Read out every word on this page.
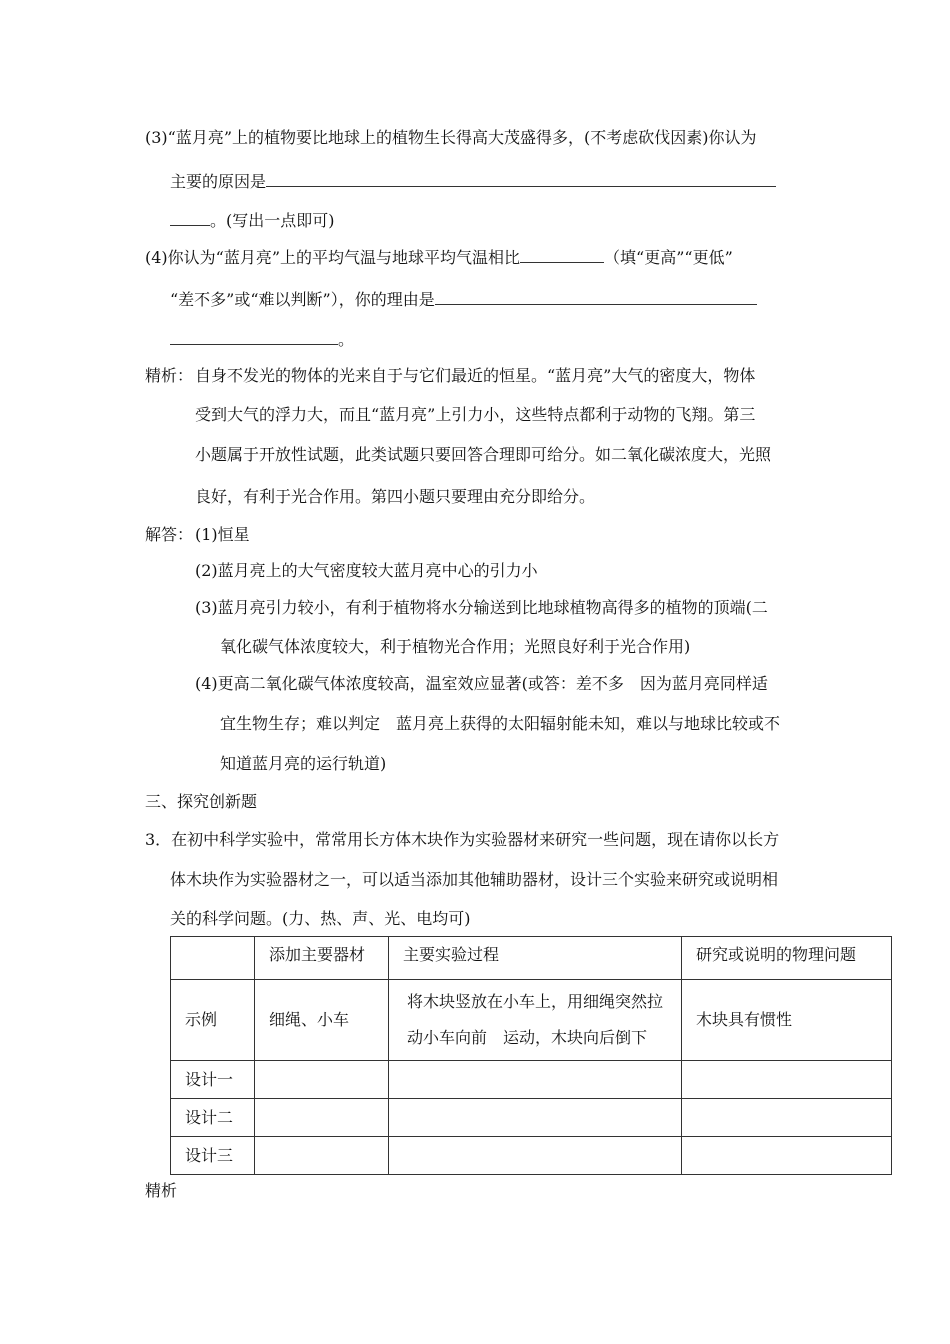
(3)“蓝月亮”上的植物要比地球上的植物生长得高大茂盛得多，(不考虑砍伐因素)你认为
主要的原因是
。(写出一点即可)
(4)你认为“蓝月亮”上的平均气温与地球平均气温相比	（填“更高”“更低”
“差不多”或“难以判断”），你的理由是
。
精析： 自身不发光的物体的光来自于与它们最近的恒星。“蓝月亮”大气的密度大，物体
受到大气的浮力大，而且“蓝月亮”上引力小，这些特点都利于动物的飞翔。第三
小题属于开放性试题，此类试题只要回答合理即可给分。如二氧化碳浓度大，光照
良好，有利于光合作用。第四小题只要理由充分即给分。
解答： (1)恒星
(2)蓝月亮上的大气密度较大蓝月亮中心的引力小
(3)蓝月亮引力较小，有利于植物将水分输送到比地球植物高得多的植物的顶端(二
氧化碳气体浓度较大，利于植物光合作用；光照良好利于光合作用)
(4)更高二氧化碳气体浓度较高，温室效应显著(或答：差不多　因为蓝月亮同样适
宜生物生存；难以判定　蓝月亮上获得的太阳辐射能未知，难以与地球比较或不
知道蓝月亮的运行轨道)
三、探究创新题
3．在初中科学实验中，常常用长方体木块作为实验器材来研究一些问题，现在请你以长方
体木块作为实验器材之一，可以适当添加其他辅助器材，设计三个实验来研究或说明相
关的科学问题。(力、热、声、光、电均可)
	添加主要器材	主要实验过程	研究或说明的物理问题
示例	细绳、小车	将木块竖放在小车上，用细绳突然拉
动小车向前　运动，木块向后倒下	木块具有惯性
设计一			
设计二			
设计三			
精析
